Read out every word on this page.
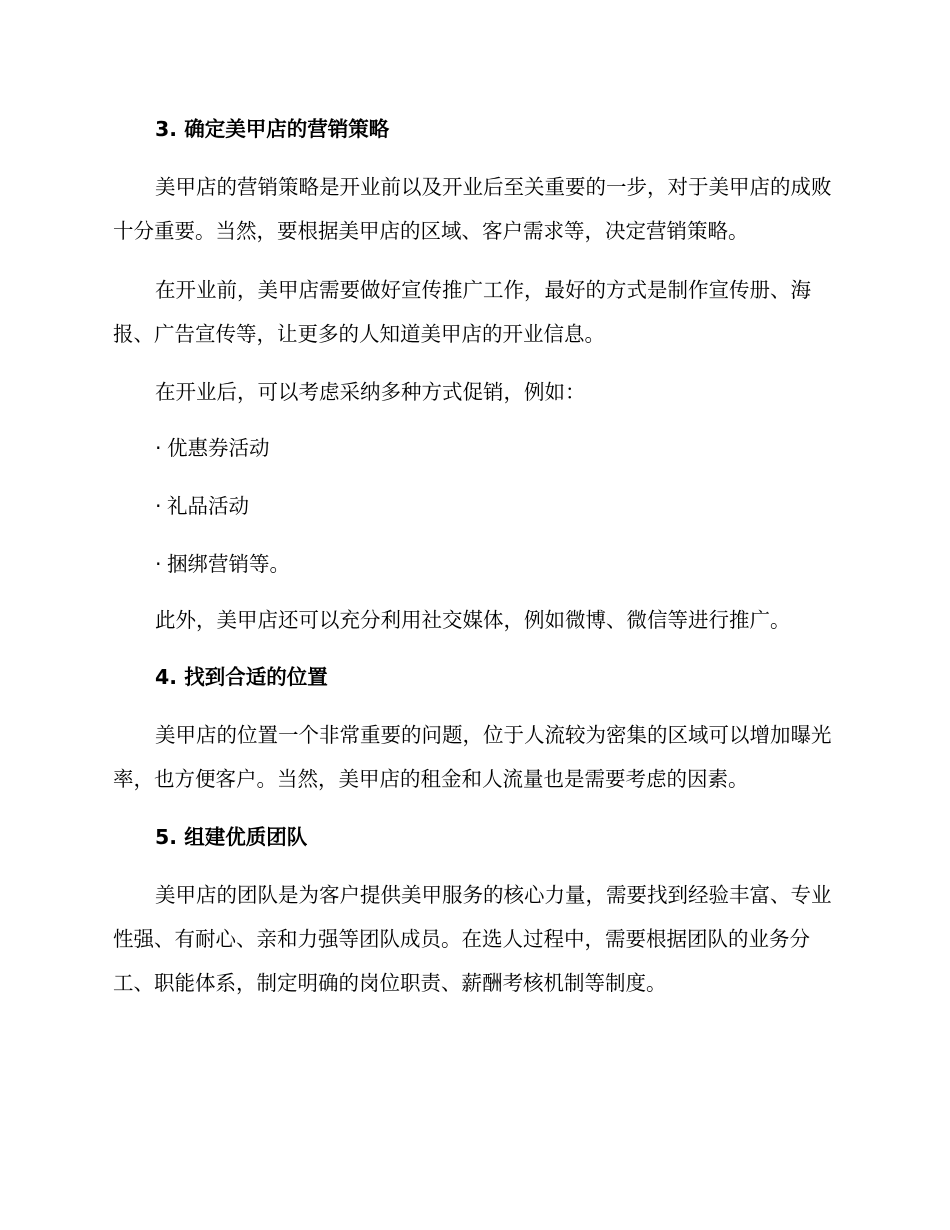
3. 确定美甲店的营销策略

美甲店的营销策略是开业前以及开业后至关重要的一步，对于美甲店的成败十分重要。当然，要根据美甲店的区域、客户需求等，决定营销策略。

在开业前，美甲店需要做好宣传推广工作，最好的方式是制作宣传册、海报、广告宣传等，让更多的人知道美甲店的开业信息。

在开业后，可以考虑采纳多种方式促销，例如：

· 优惠券活动

· 礼品活动

· 捆绑营销等。

此外，美甲店还可以充分利用社交媒体，例如微博、微信等进行推广。

4. 找到合适的位置

美甲店的位置一个非常重要的问题，位于人流较为密集的区域可以增加曝光率，也方便客户。当然，美甲店的租金和人流量也是需要考虑的因素。

5. 组建优质团队

美甲店的团队是为客户提供美甲服务的核心力量，需要找到经验丰富、专业性强、有耐心、亲和力强等团队成员。在选人过程中，需要根据团队的业务分工、职能体系，制定明确的岗位职责、薪酬考核机制等制度。
